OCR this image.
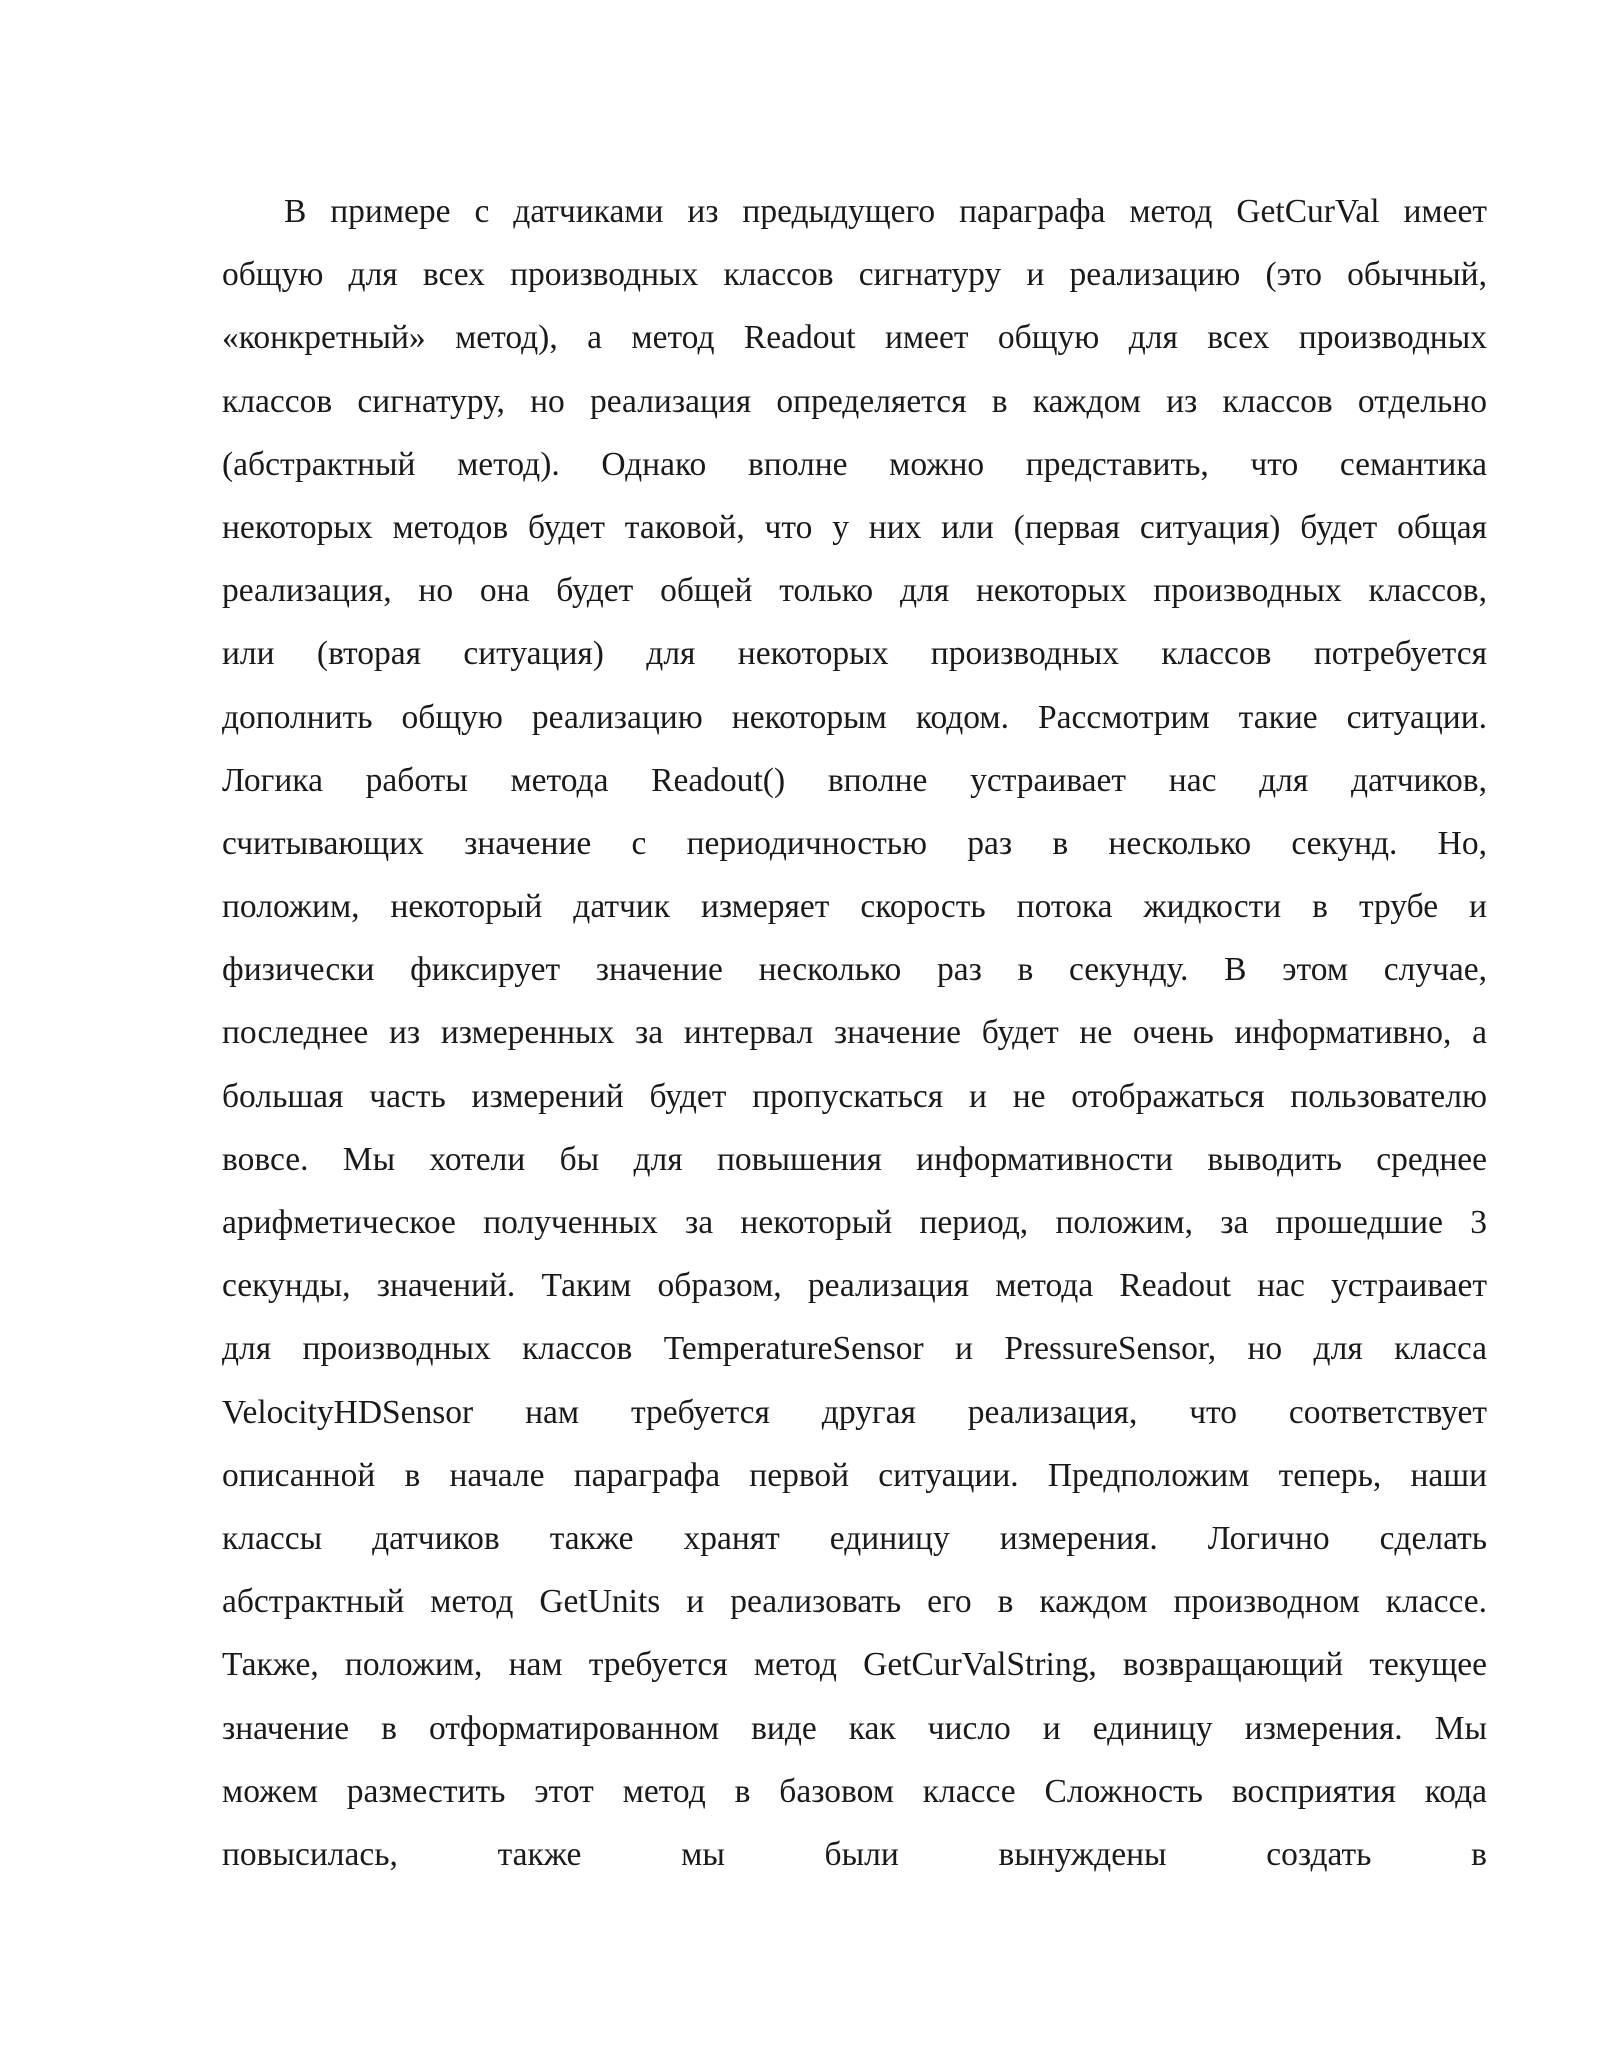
В примере с датчиками из предыдущего параграфа метод GetCurVal имеет
общую для всех производных классов сигнатуру и реализацию (это обычный,
«конкретный» метод), а метод Readout имеет общую для всех производных
классов сигнатуру, но реализация определяется в каждом из классов отдельно
(абстрактный метод). Однако вполне можно представить, что семантика
некоторых методов будет таковой, что у них или (первая ситуация) будет общая
реализация, но она будет общей только для некоторых производных классов,
или (вторая ситуация) для некоторых производных классов потребуется
дополнить общую реализацию некоторым кодом. Рассмотрим такие ситуации.
Логика работы метода Readout() вполне устраивает нас для датчиков,
считывающих значение с периодичностью раз в несколько секунд. Но,
положим, некоторый датчик измеряет скорость потока жидкости в трубе и
физически фиксирует значение несколько раз в секунду. В этом случае,
последнее из измеренных за интервал значение будет не очень информативно, а
большая часть измерений будет пропускаться и не отображаться пользователю
вовсе. Мы хотели бы для повышения информативности выводить среднее
арифметическое полученных за некоторый период, положим, за прошедшие 3
секунды, значений. Таким образом, реализация метода Readout нас устраивает
для производных классов TemperatureSensor и PressureSensor, но для класса
VelocityHDSensor нам требуется другая реализация, что соответствует
описанной в начале параграфа первой ситуации. Предположим теперь, наши
классы датчиков также хранят единицу измерения. Логично сделать
абстрактный метод GetUnits и реализовать его в каждом производном классе.
Также, положим, нам требуется метод GetCurValString, возвращающий текущее
значение в отформатированном виде как число и единицу измерения. Мы
можем разместить этот метод в базовом классе Сложность восприятия кода
повысилась, также мы были вынуждены создать в
